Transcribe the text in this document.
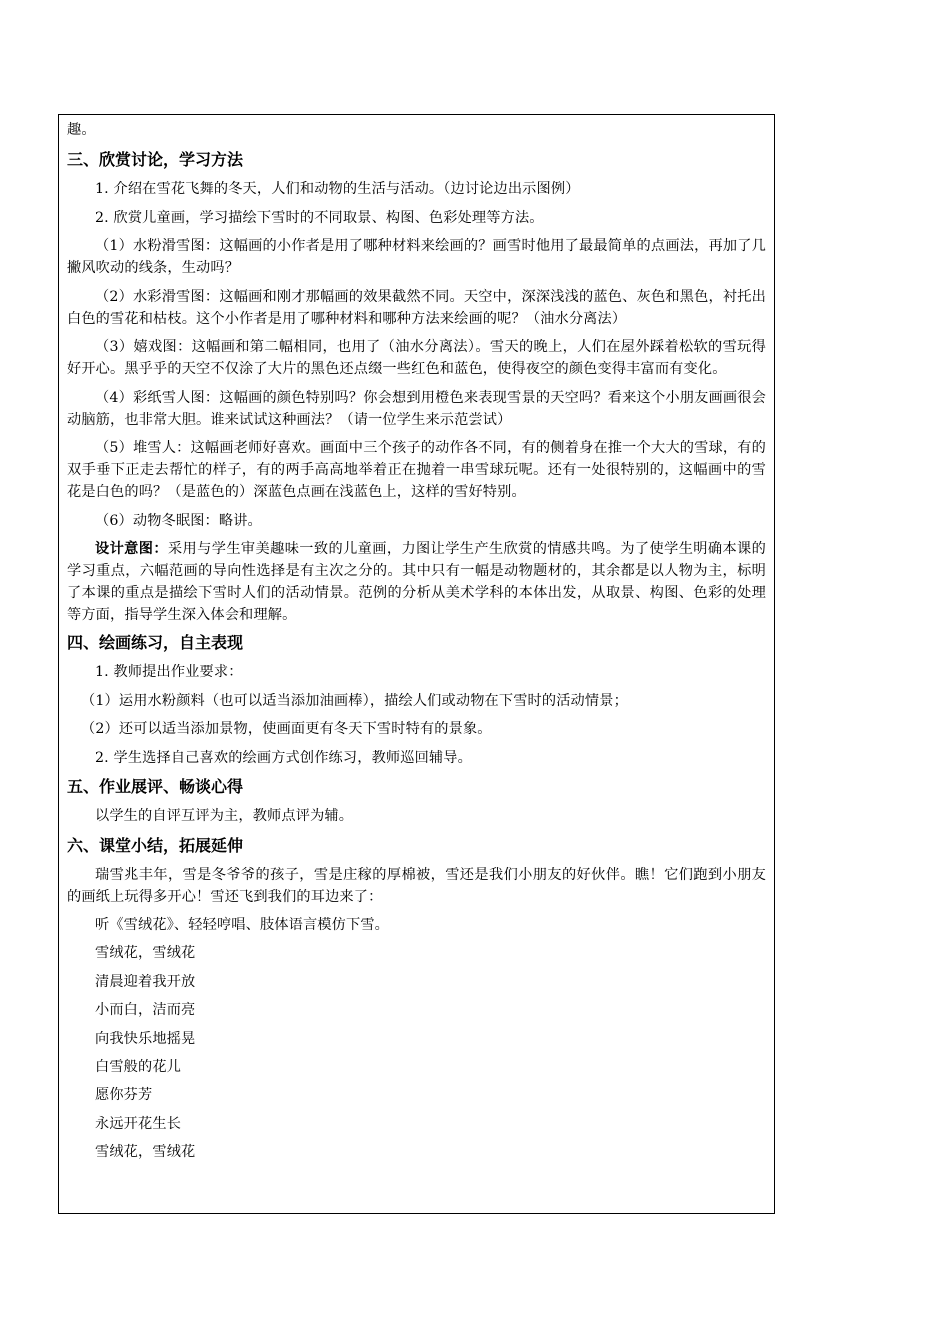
趣。

三、欣赏讨论，学习方法

1. 介绍在雪花飞舞的冬天，人们和动物的生活与活动。（边讨论边出示图例）

2. 欣赏儿童画，学习描绘下雪时的不同取景、构图、色彩处理等方法。

（1）水粉滑雪图：这幅画的小作者是用了哪种材料来绘画的？画雪时他用了最最简单的点画法，再加了几撇风吹动的线条，生动吗？

（2）水彩滑雪图：这幅画和刚才那幅画的效果截然不同。天空中，深深浅浅的蓝色、灰色和黑色，衬托出白色的雪花和枯枝。这个小作者是用了哪种材料和哪种方法来绘画的呢？（油水分离法）

（3）嬉戏图：这幅画和第二幅相同，也用了（油水分离法）。雪天的晚上，人们在屋外踩着松软的雪玩得好开心。黑乎乎的天空不仅涂了大片的黑色还点缀一些红色和蓝色，使得夜空的颜色变得丰富而有变化。

（4）彩纸雪人图：这幅画的颜色特别吗？你会想到用橙色来表现雪景的天空吗？看来这个小朋友画画很会动脑筋，也非常大胆。谁来试试这种画法？（请一位学生来示范尝试）

（5）堆雪人：这幅画老师好喜欢。画面中三个孩子的动作各不同，有的侧着身在推一个大大的雪球，有的双手垂下正走去帮忙的样子，有的两手高高地举着正在抛着一串雪球玩呢。还有一处很特别的，这幅画中的雪花是白色的吗？（是蓝色的）深蓝色点画在浅蓝色上，这样的雪好特别。

（6）动物冬眠图：略讲。

设计意图：采用与学生审美趣味一致的儿童画，力图让学生产生欣赏的情感共鸣。为了使学生明确本课的学习重点，六幅范画的导向性选择是有主次之分的。其中只有一幅是动物题材的，其余都是以人物为主，标明了本课的重点是描绘下雪时人们的活动情景。范例的分析从美术学科的本体出发，从取景、构图、色彩的处理等方面，指导学生深入体会和理解。

四、绘画练习，自主表现

1. 教师提出作业要求：

（1）运用水粉颜料（也可以适当添加油画棒），描绘人们或动物在下雪时的活动情景；

（2）还可以适当添加景物，使画面更有冬天下雪时特有的景象。

2. 学生选择自己喜欢的绘画方式创作练习，教师巡回辅导。

五、作业展评、畅谈心得

以学生的自评互评为主，教师点评为辅。

六、课堂小结，拓展延伸

瑞雪兆丰年，雪是冬爷爷的孩子，雪是庄稼的厚棉被，雪还是我们小朋友的好伙伴。瞧！它们跑到小朋友的画纸上玩得多开心！雪还飞到我们的耳边来了：

听《雪绒花》、轻轻哼唱、肢体语言模仿下雪。

雪绒花，雪绒花

清晨迎着我开放

小而白，洁而亮

向我快乐地摇晃

白雪般的花儿

愿你芬芳

永远开花生长

雪绒花，雪绒花
